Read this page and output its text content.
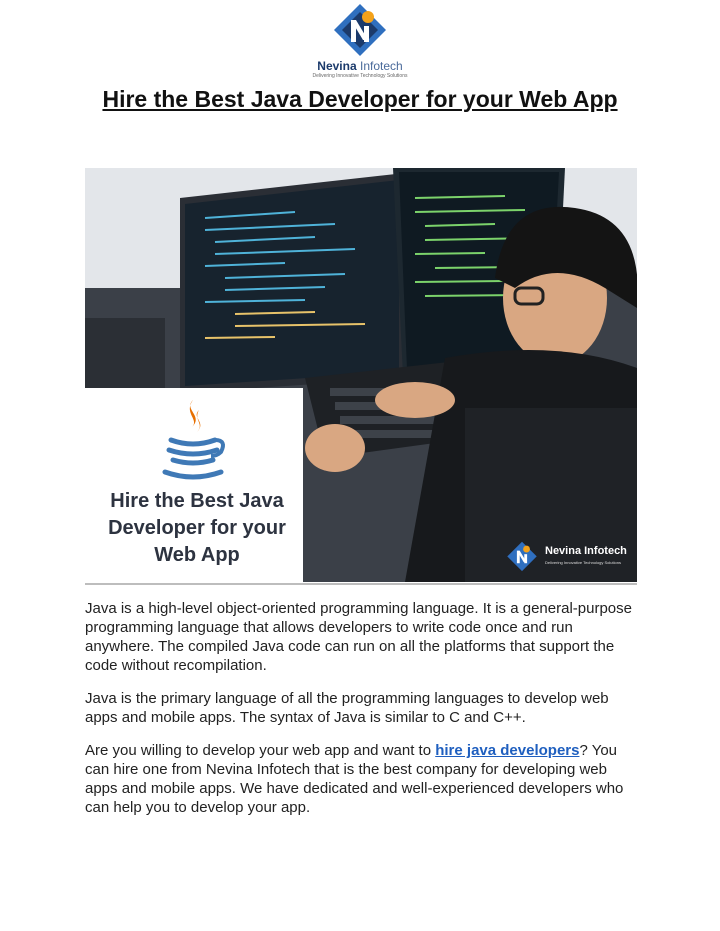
Nevina Infotech
Delivering Innovative Technology Solutions
Hire the Best Java Developer for your Web App
Hire the Best Java Developer for your Web App	Nevina Infotech
Delivering Innovative Technology Solutions

Java is a high-level object-oriented programming language. It is a general-purpose programming language that allows developers to write code once and run anywhere. The compiled Java code can run on all the platforms that support the code without recompilation.

Java is the primary language of all the programming languages to develop web apps and mobile apps. The syntax of Java is similar to C and C++.

Are you willing to develop your web app and want to hire java developers? You can hire one from Nevina Infotech that is the best company for developing web apps and mobile apps. We have dedicated and well-experienced developers who can help you to develop your app.
